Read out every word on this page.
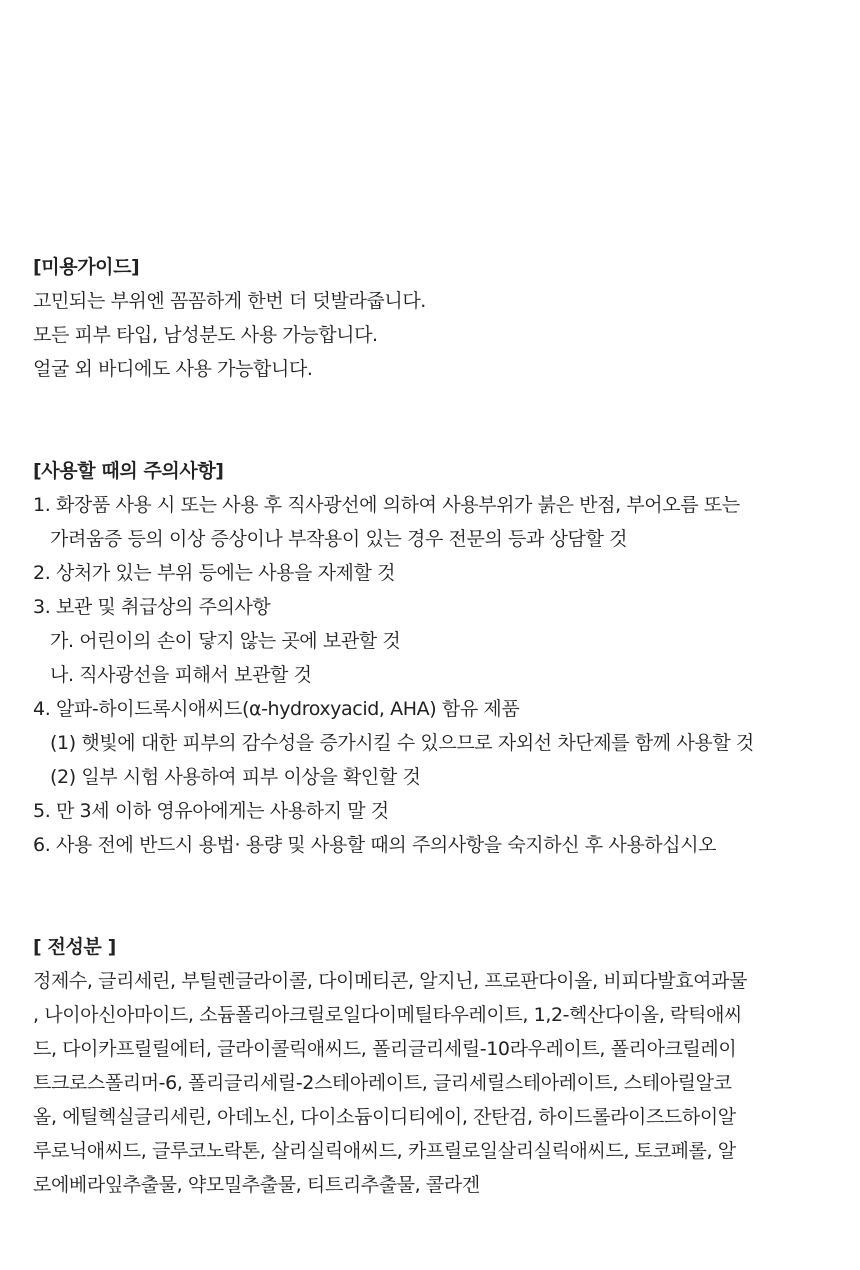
[미용가이드]
고민되는 부위엔 꼼꼼하게 한번 더 덧발라줍니다.
모든 피부 타입, 남성분도 사용 가능합니다.
얼굴 외 바디에도 사용 가능합니다.
[사용할 때의 주의사항]
1. 화장품 사용 시 또는 사용 후 직사광선에 의하여 사용부위가 붉은 반점, 부어오름 또는
가려움증 등의 이상 증상이나 부작용이 있는 경우 전문의 등과 상담할 것
2. 상처가 있는 부위 등에는 사용을 자제할 것
3. 보관 및 취급상의 주의사항
가. 어린이의 손이 닿지 않는 곳에 보관할 것
나. 직사광선을 피해서 보관할 것
4. 알파-하이드록시애씨드(α-hydroxyacid, AHA) 함유 제품
(1) 햇빛에 대한 피부의 감수성을 증가시킬 수 있으므로 자외선 차단제를 함께 사용할 것
(2) 일부 시험 사용하여 피부 이상을 확인할 것
5. 만 3세 이하 영유아에게는 사용하지 말 것
6. 사용 전에 반드시 용법· 용량 및 사용할 때의 주의사항을 숙지하신 후 사용하십시오
[ 전성분 ]
정제수, 글리세린, 부틸렌글라이콜, 다이메티콘, 알지닌, 프로판다이올, 비피다발효여과물
, 나이아신아마이드, 소듐폴리아크릴로일다이메틸타우레이트, 1,2-헥산다이올, 락틱애씨
드, 다이카프릴릴에터, 글라이콜릭애씨드, 폴리글리세릴-10라우레이트, 폴리아크릴레이
트크로스폴리머-6, 폴리글리세릴-2스테아레이트, 글리세릴스테아레이트, 스테아릴알코
올, 에틸헥실글리세린, 아데노신, 다이소듐이디티에이, 잔탄검, 하이드롤라이즈드하이알
루로닉애씨드, 글루코노락톤, 살리실릭애씨드, 카프릴로일살리실릭애씨드, 토코페롤, 알
로에베라잎추출물, 약모밀추출물, 티트리추출물, 콜라겐
